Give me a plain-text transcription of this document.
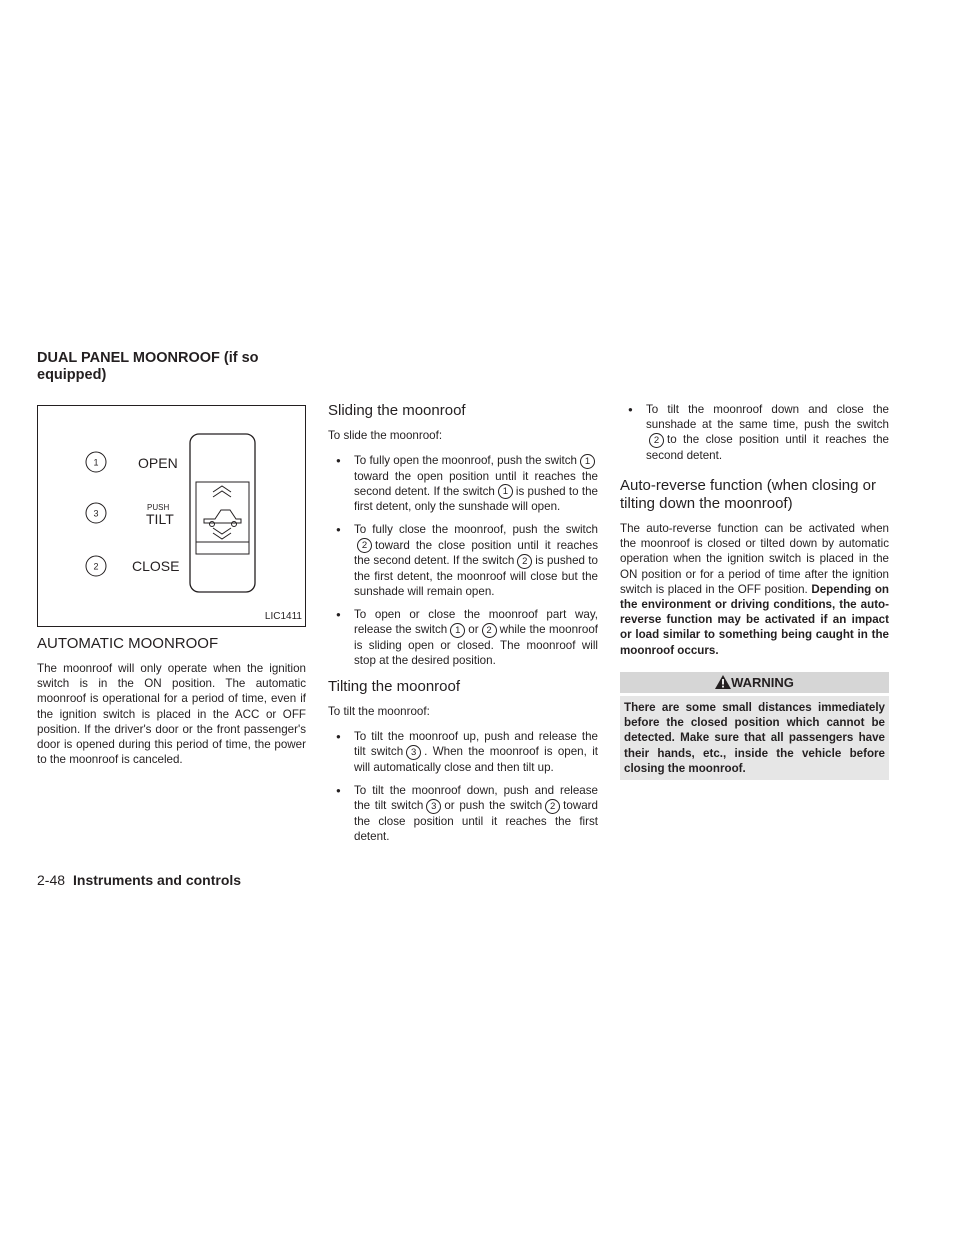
DUAL PANEL MOONROOF (if so equipped)
1
3
2
OPEN
PUSH
TILT
CLOSE
LIC1411
AUTOMATIC MOONROOF
The moonroof will only operate when the ignition switch is in the ON position. The automatic moonroof is operational for a period of time, even if the ignition switch is placed in the ACC or OFF position. If the driver's door or the front passenger's door is opened during this period of time, the power to the moonroof is canceled.
Sliding the moonroof
To slide the moonroof:
● To fully open the moonroof, push the switch 1toward the open position until it reaches the second detent. If the switch 1 is pushed to the first detent, only the sunshade will open.
● To fully close the moonroof, push the switch2 toward the close position until it reaches the second detent. If the switch 2 is pushed to the first detent, the moonroof will close but the sunshade will remain open.
● To open or close the moonroof part way, release the switch 1 or 2 while the moonroof is sliding open or closed. The moonroof will stop at the desired position.
Tilting the moonroof
To tilt the moonroof:
● To tilt the moonroof up, push and release the tilt switch 3 . When the moonroof is open, it will automatically close and then tilt up.
● To tilt the moonroof down, push and release the tilt switch 3 or push the switch 2 toward the close position until it reaches the first detent.
● To tilt the moonroof down and close the sunshade at the same time, push the switch2 to the close position until it reaches the second detent.
Auto-reverse function (when closing or tilting down the moonroof)
The auto-reverse function can be activated when the moonroof is closed or tilted down by automatic operation when the ignition switch is placed in the ON position or for a period of time after the ignition switch is placed in the OFF position. Depending on the environment or driving conditions, the auto-reverse function may be activated if an impact or load similar to something being caught in the moonroof occurs.
WARNING
There are some small distances immediately before the closed position which cannot be detected. Make sure that all passengers have their hands, etc., inside the vehicle before closing the moonroof.
2-48 Instruments and controls
